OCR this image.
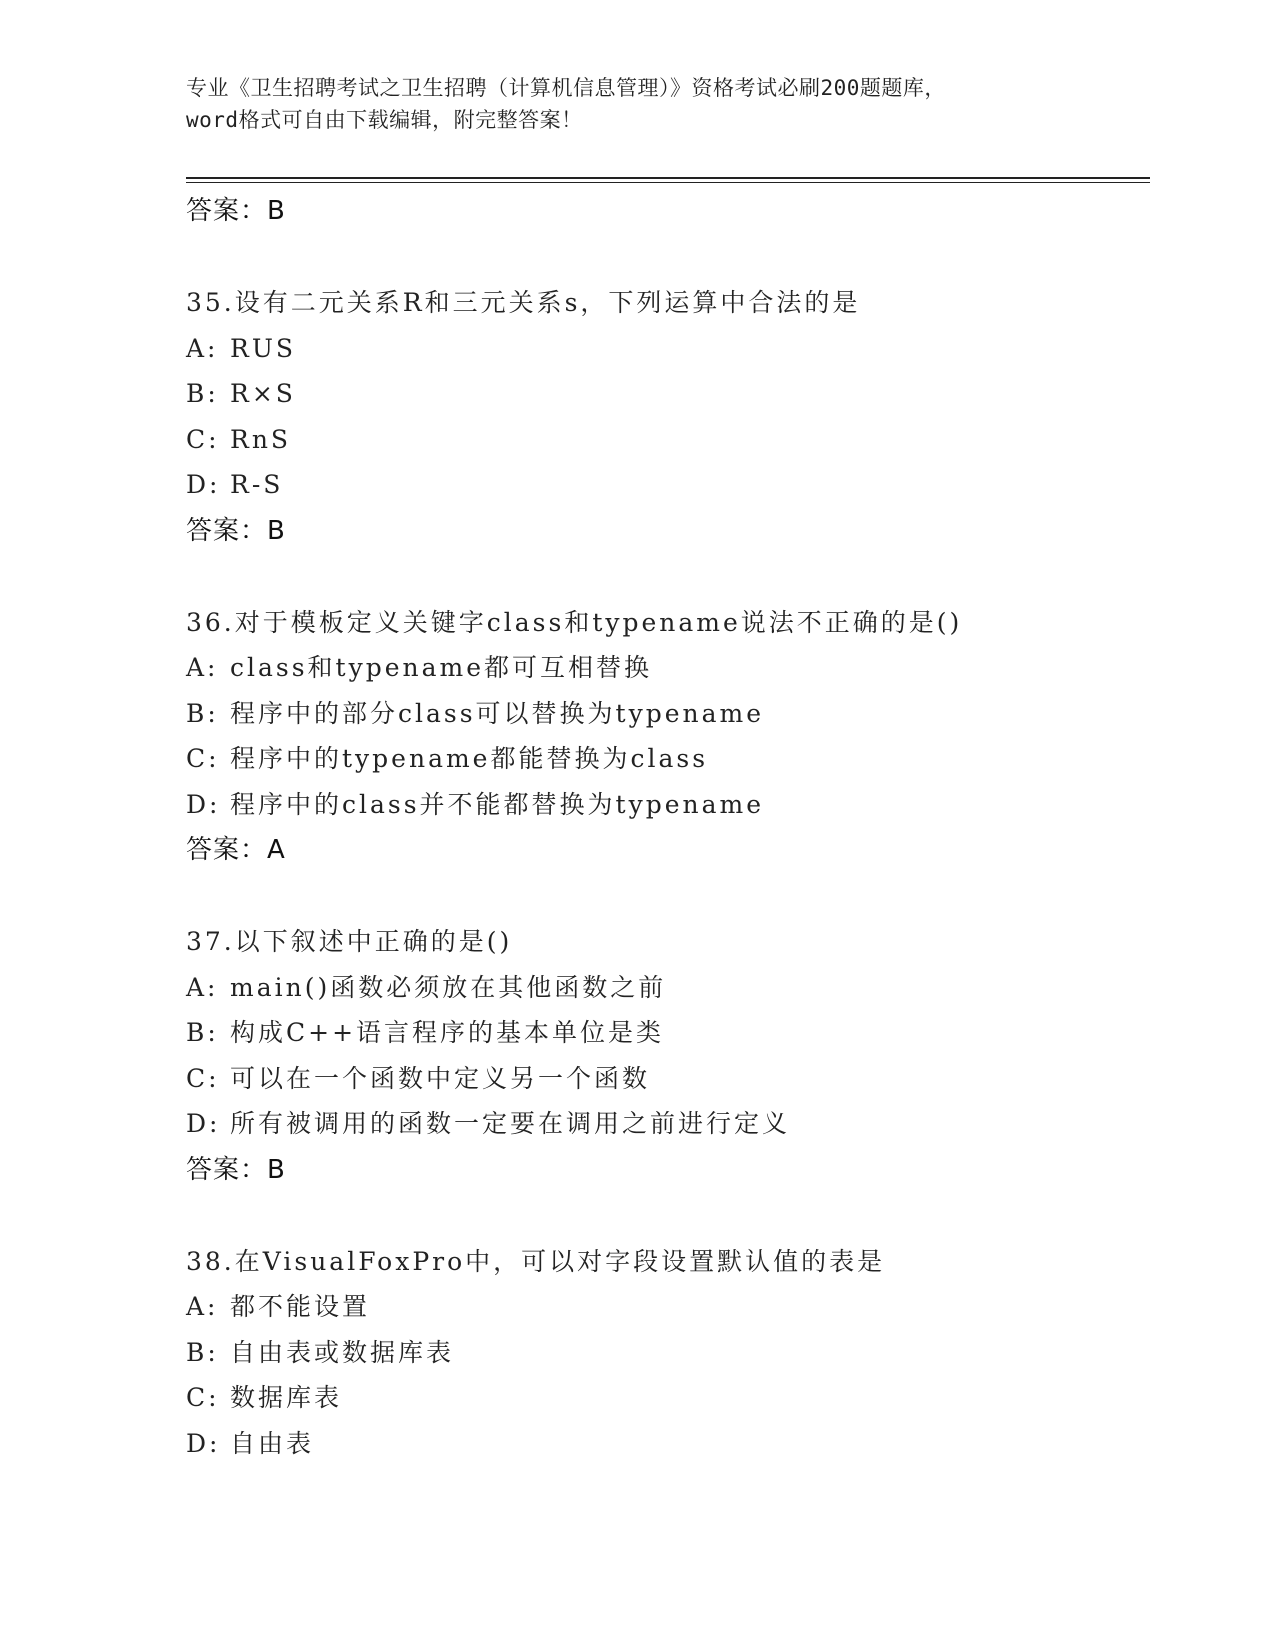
专业《卫生招聘考试之卫生招聘（计算机信息管理）》资格考试必刷200题题库，
word格式可自由下载编辑，附完整答案！
答案：B
35.设有二元关系R和三元关系s，下列运算中合法的是
A: RUS
B: R×S
C: RnS
D: R-S
答案：B
36.对于模板定义关键字class和typename说法不正确的是()
A: class和typename都可互相替换
B: 程序中的部分class可以替换为typename
C: 程序中的typename都能替换为class
D: 程序中的class并不能都替换为typename
答案：A
37.以下叙述中正确的是()
A: main()函数必须放在其他函数之前
B: 构成C++语言程序的基本单位是类
C: 可以在一个函数中定义另一个函数
D: 所有被调用的函数一定要在调用之前进行定义
答案：B
38.在VisualFoxPro中，可以对字段设置默认值的表是
A: 都不能设置
B: 自由表或数据库表
C: 数据库表
D: 自由表
